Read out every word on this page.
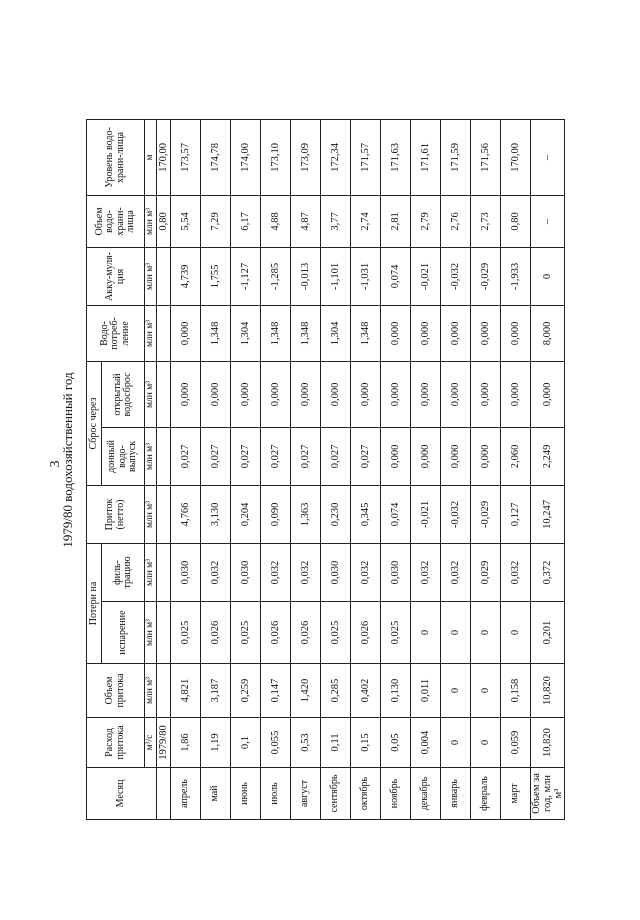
3
1979/80 водохозяйственный год
Месяц	Расход притока	Объем притока	Потери на		Приток (нетто)	Сброс через		Водо-потреб-ление	Акку-муля-ция	Объем водо-храни-лища	Уровень водо-храни-лища
			испарение	филь-трацию		донный водо-выпуск	открытый водосброс				
	м³/с	млн м³	млн м³	млн м³	млн м³	млн м³	млн м³	млн м³	млн м³	млн м³	м
	1979/80									0,80	170,00
апрель	1,86	4,821	0,025	0,030	4,766	0,027	0,000	0,000	4,739	5,54	173,57
май	1,19	3,187	0,026	0,032	3,130	0,027	0,000	1,348	1,755	7,29	174,78
июнь	0,1	0,259	0,025	0,030	0,204	0,027	0,000	1,304	-1,127	6,17	174,00
июль	0,055	0,147	0,026	0,032	0,090	0,027	0,000	1,348	-1,285	4,88	173,10
август	0,53	1,420	0,026	0,032	1,363	0,027	0,000	1,348	-0,013	4,87	173,09
сентябрь	0,11	0,285	0,025	0,030	0,230	0,027	0,000	1,304	-1,101	3,77	172,34
октябрь	0,15	0,402	0,026	0,032	0,345	0,027	0,000	1,348	-1,031	2,74	171,57
ноябрь	0,05	0,130	0,025	0,030	0,074	0,000	0,000	0,000	0,074	2,81	171,63
декабрь	0,004	0,011	0	0,032	-0,021	0,000	0,000	0,000	-0,021	2,79	171,61
январь	0	0	0	0,032	-0,032	0,000	0,000	0,000	-0,032	2,76	171,59
февраль	0	0	0	0,029	-0,029	0,000	0,000	0,000	-0,029	2,73	171,56
март	0,059	0,158	0	0,032	0,127	2,060	0,000	0,000	-1,933	0,80	170,00
Объем за год, млн м³	10,820	10,820	0,201	0,372	10,247	2,249	0,000	8,000	0	–	–
